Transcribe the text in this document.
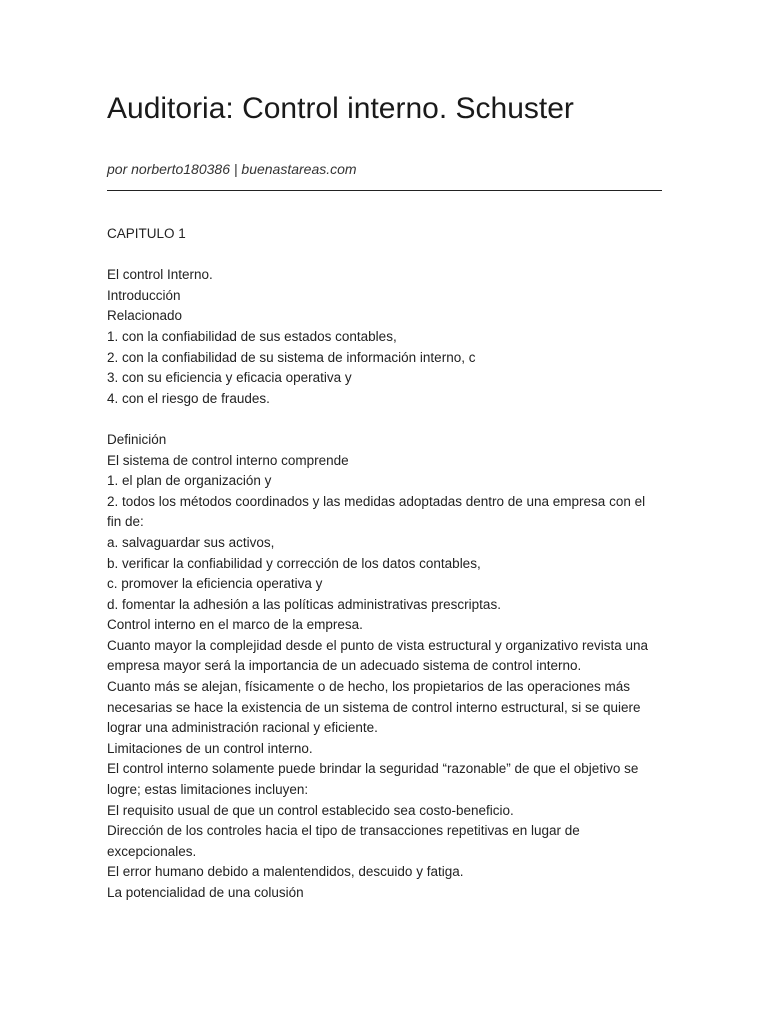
Auditoria: Control interno. Schuster

por norberto180386 | buenastareas.com

CAPITULO 1
El control Interno.
Introducción
Relacionado
1. con la confiabilidad de sus estados contables,
2. con la confiabilidad de su sistema de información interno, c
3. con su eficiencia y eficacia operativa y
4. con el riesgo de fraudes.
Definición
El sistema de control interno comprende
1. el plan de organización y
2. todos los métodos coordinados y las medidas adoptadas dentro de una empresa con el
fin de:
a. salvaguardar sus activos,
b. verificar la confiabilidad y corrección de los datos contables,
c. promover la eficiencia operativa y
d. fomentar la adhesión a las políticas administrativas prescriptas.
Control interno en el marco de la empresa.
Cuanto mayor la complejidad desde el punto de vista estructural y organizativo revista una
empresa mayor será la importancia de un adecuado sistema de control interno.
Cuanto más se alejan, físicamente o de hecho, los propietarios de las operaciones más
necesarias se hace la existencia de un sistema de control interno estructural, si se quiere
lograr una administración racional y eficiente.
Limitaciones de un control interno.
El control interno solamente puede brindar la seguridad “razonable” de que el objetivo se
logre; estas limitaciones incluyen:
El requisito usual de que un control establecido sea costo-beneficio.
Dirección de los controles hacia el tipo de transacciones repetitivas en lugar de
excepcionales.
El error humano debido a malentendidos, descuido y fatiga.
La potencialidad de una colusión
